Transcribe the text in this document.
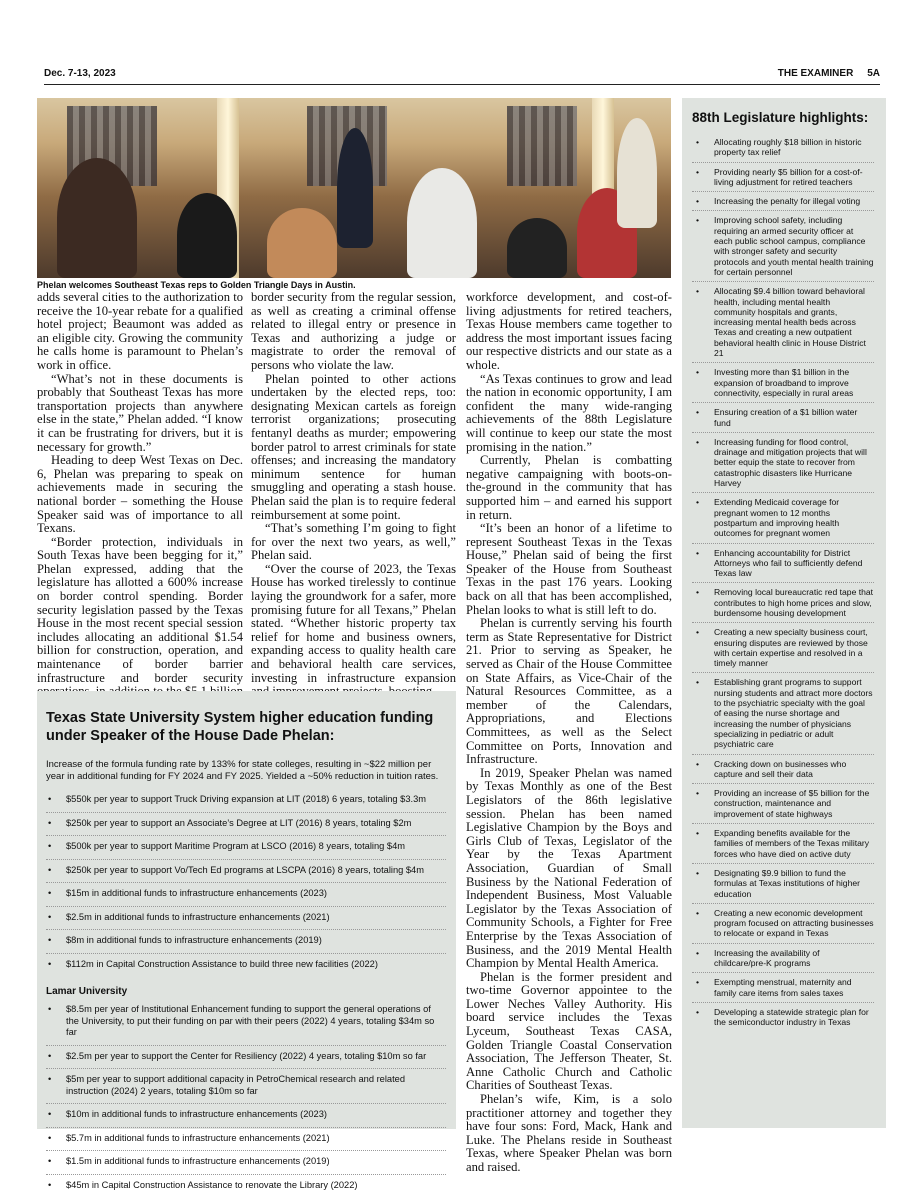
Dec. 7-13, 2023	THE EXAMINER 5A
Phelan welcomes Southeast Texas reps to Golden Triangle Days in Austin.

adds several cities to the authorization to receive the 10-year rebate for a qualified hotel project; Beaumont was added as an eligible city. Growing the community he calls home is paramount to Phelan’s work in office.

“What’s not in these documents is probably that Southeast Texas has more transportation projects than anywhere else in the state,” Phelan added. “I know it can be frustrating for drivers, but it is necessary for growth.”

Heading to deep West Texas on Dec. 6, Phelan was preparing to speak on achievements made in securing the national border – something the House Speaker said was of importance to all Texans.

“Border protection, individuals in South Texas have been begging for it,” Phelan expressed, adding that the legislature has allotted a 600% increase on border control spending. Border security legislation passed by the Texas House in the most recent special session includes allocating an additional $1.54 billion for construction, operation, and maintenance of border barrier infrastructure and border security

border security from the regular session, as well as creating a criminal offense related to illegal entry or presence in Texas and authorizing a judge or magistrate to order the removal of persons who violate the law.

Phelan pointed to other actions undertaken by the elected reps, too: designating Mexican cartels as foreign terrorist organizations; prosecuting fentanyl deaths as murder; empowering border patrol to arrest criminals for state offenses; and increasing the mandatory minimum sentence for human smuggling and operating a stash house. Phelan said the plan is to require federal reimbursement at some point.

“That’s something I’m going to fight for over the next two years, as well,” Phelan said.

“Over the course of 2023, the Texas House has worked tirelessly to continue laying the groundwork for a safer, more promising future for all Texans,” Phelan stated. “Whether historic property tax relief for home and business owners, expanding access to quality health care and behavioral health care services, investing in infrastructure expansion

workforce development, and cost-of-living adjustments for retired teachers, Texas House members came together to address the most important issues facing our respective districts and our state as a whole.

“As Texas continues to grow and lead the nation in economic opportunity, I am confident the many wide-ranging achievements of the 88th Legislature will continue to keep our state the most promising in the nation.”

Currently, Phelan is combatting negative campaigning with boots-on-the-ground in the community that has supported him – and earned his support in return.

“It’s been an honor of a lifetime to represent Southeast Texas in the Texas House,” Phelan said of being the first Speaker of the House from Southeast Texas in the past 176 years. Looking back on all that has been accomplished, Phelan looks to what is still left to do.

Phelan is currently serving his fourth term as State Representative for District 21. Prior to serving as Speaker, he served as Chair of the House Committee on State Affairs, as Vice-Chair of the Natural Resources Committee, as a member of the Calendars, Appropriations, and Elections Committees, as well as the Select Committee on Ports, Innovation and Infrastructure.

In 2019, Speaker Phelan was named by Texas Monthly as one of the Best Legislators of the 86th legislative session. Phelan has been named Legislative Champion by the Boys and Girls Club of Texas, Legislator of the Year by the Texas Apartment Association, Guardian of Small Business by the National Federation of Independent Business, Most Valuable Legislator by the Texas Association of Community Schools, a Fighter for Free Enterprise by the Texas Association of Business, and the 2019 Mental Health Champion by Mental Health America.

Phelan is the former president and two-time Governor appointee to the Lower Neches Valley Authority. His board service includes the Texas Lyceum, Southeast Texas CASA, Golden Triangle Coastal Conservation Association, The Jefferson Theater, St. Anne Catholic Church and Catholic Charities of Southeast Texas.

Phelan’s wife, Kim, is a solo practitioner attorney and together they have four sons: Ford, Mack, Hank and Luke. The Phelans reside in Southeast Texas, where Speaker Phelan was born and raised.

Texas State University System higher education funding under Speaker of the House Dade Phelan:
Increase of the formula funding rate by 133% for state colleges, resulting in ~$22 million per year in additional funding for FY 2024 and FY 2025. Yielded a ~50% reduction in tuition rates.
• $550k per year to support Truck Driving expansion at LIT (2018) 6 years, totaling $3.3m
• $250k per year to support an Associate’s Degree at LIT (2016) 8 years, totaling $2m
• $500k per year to support Maritime Program at LSCO (2016) 8 years, totaling $4m
• $250k per year to support Vo/Tech Ed programs at LSCPA (2016) 8 years, totaling $4m
• $15m in additional funds to infrastructure enhancements (2023)
• $2.5m in additional funds to infrastructure enhancements (2021)
• $8m in additional funds to infrastructure enhancements (2019)
• $112m in Capital Construction Assistance to build three new facilities (2022)
Lamar University
• $8.5m per year of Institutional Enhancement funding to support the general operations of the University, to put their funding on par with their peers (2022) 4 years, totaling $34m so far
• $2.5m per year to support the Center for Resiliency (2022) 4 years, totaling $10m so far
• $5m per year to support additional capacity in PetroChemical research and related instruction (2024) 2 years, totaling $10m so far
• $10m in additional funds to infrastructure enhancements (2023)
• $5.7m in additional funds to infrastructure enhancements (2021)
• $1.5m in additional funds to infrastructure enhancements (2019)
• $45m in Capital Construction Assistance to renovate the Library (2022)
88th Legislature highlights:
• Allocating roughly $18 billion in historic property tax relief
• Providing nearly $5 billion for a cost-of-living adjustment for retired teachers
• Increasing the penalty for illegal voting
• Improving school safety, including requiring an armed security officer at each public school campus, compliance with stronger safety and security protocols and youth mental health training for certain personnel
• Allocating $9.4 billion toward behavioral health, including mental health community hospitals and grants, increasing mental health beds across Texas and creating a new outpatient behavioral health clinic in House District 21
• Investing more than $1 billion in the expansion of broadband to improve connectivity, especially in rural areas
• Ensuring creation of a $1 billion water fund
• Increasing funding for flood control, drainage and mitigation projects that will better equip the state to recover from catastrophic disasters like Hurricane Harvey
• Extending Medicaid coverage for pregnant women to 12 months postpartum and improving health outcomes for pregnant women
• Enhancing accountability for District Attorneys who fail to sufficiently defend Texas law
• Removing local bureaucratic red tape that contributes to high home prices and slow, burdensome housing development
• Creating a new specialty business court, ensuring disputes are reviewed by those with certain expertise and resolved in a timely manner
• Establishing grant programs to support nursing students and attract more doctors to the psychiatric specialty with the goal of easing the nurse shortage and increasing the number of physicians specializing in pediatric or adult psychiatric care
• Cracking down on businesses who capture and sell their data
• Providing an increase of $5 billion for the construction, maintenance and improvement of state highways
• Expanding benefits available for the families of members of the Texas military forces who have died on active duty
• Designating $9.9 billion to fund the formulas at Texas institutions of higher education
• Creating a new economic development program focused on attracting businesses to relocate or expand in Texas
• Increasing the availability of childcare/pre-K programs
• Exempting menstrual, maternity and family care items from sales taxes
• Developing a statewide strategic plan for the semiconductor industry in Texas
